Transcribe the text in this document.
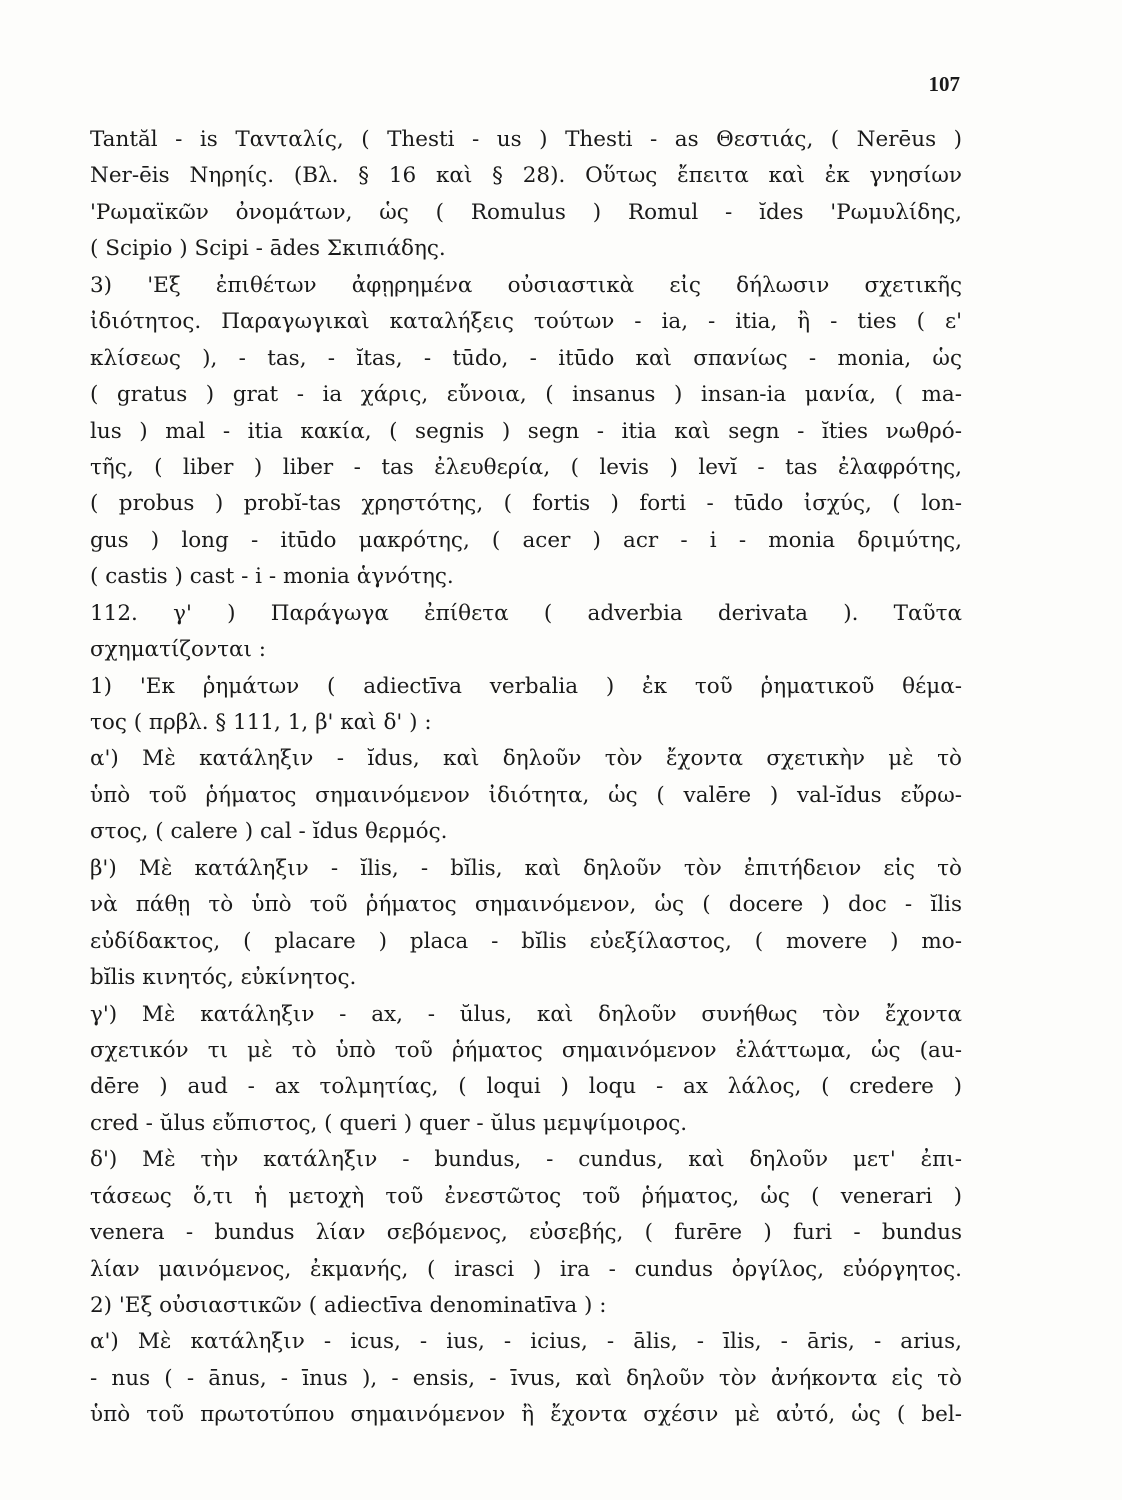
107
Tantăl - is Ταvταλίς, ( Thesti - us ) Thesti - as Θεστιάς, ( Nerēus )
Ner-ēis Νηρηίς. (Βλ. § 16 καὶ § 28). Οὕτως ἔπειτα καὶ ἐκ γνησίων
'Ρωμαϊκῶν ὀνομάτων, ὡς ( Romulus ) Romul - ĭdes 'Ρωμυλίδης,
( Scipio ) Scipi - ādes Σκιπιάδης.
3) 'Εξ ἐπιθέτων ἀφῃρημένα οὐσιαστικὰ εἰς δήλωσιν σχετικῆς
ἰδιότητος. Παραγωγικαὶ καταλήξεις τούτων - ia, - itia, ἢ - ties ( ε'
κλίσεως ), - tas, - ĭtas, - tūdo, - itūdo καὶ σπανίως - monia, ὡς
( gratus ) grat - ia χάρις, εὔνοια, ( insanus ) insan-ia μανία, ( ma-
lus ) mal - itia κακία, ( segnis ) segn - itia καὶ segn - ĭties νωθρό-
τῆς, ( liber ) liber - tas ἐλευθερία, ( levis ) levĭ - tas ἐλαφρότης,
( probus ) probĭ-tas χρηστότης, ( fortis ) forti - tūdo ἰσχύς, ( lon-
gus ) long - itūdo μακρότης, ( acer ) acr - i - monia δριμύτης,
( castis ) cast - i - monia ἁγνότης.
112. γ' ) Παράγωγα ἐπίθετα ( adverbia derivata ). Ταῦτα
σχηματίζονται :
1) 'Εκ ῥημάτων ( adiectīva verbalia ) ἐκ τοῦ ῥηματικοῦ θέμα-
τος ( πρβλ. § 111, 1, β' καὶ δ' ) :
α') Μὲ κατάληξιν - ĭdus, καὶ δηλοῦν τὸν ἔχοντα σχετικὴν μὲ τὸ
ὑπὸ τοῦ ῥήματος σημαινόμενον ἰδιότητα, ὡς ( valēre ) val-ĭdus εὔρω-
στος, ( calere ) cal - ĭdus θερμός.
β') Μὲ κατάληξιν - ĭlis, - bĭlis, καὶ δηλοῦν τὸν ἐπιτήδειον εἰς τὸ
νὰ πάθῃ τὸ ὑπὸ τοῦ ῥήματος σημαινόμενον, ὡς ( docere ) doc - ĭlis
εὐδίδακτος, ( placare ) placa - bĭlis εὐεξίλαστος, ( movere ) mo-
bĭlis κινητός, εὐκίνητος.
γ') Μὲ κατάληξιν - ax, - ŭlus, καὶ δηλοῦν συνήθως τὸν ἔχοντα
σχετικόν τι μὲ τὸ ὑπὸ τοῦ ῥήματος σημαινόμενον ἐλάττωμα, ὡς (au-
dēre ) aud - ax τολμητίας, ( loqui ) loqu - ax λάλος, ( credere )
cred - ŭlus εὔπιστος, ( queri ) quer - ŭlus μεμψίμοιρος.
δ') Μὲ τὴν κατάληξιν - bundus, - cundus, καὶ δηλοῦν μετ' ἐπι-
τάσεως ὅ,τι ἡ μετοχὴ τοῦ ἐνεστῶτος τοῦ ῥήματος, ὡς ( venerari )
venera - bundus λίαν σεβόμενος, εὐσεβής, ( furēre ) furi - bundus
λίαν μαινόμενος, ἐκμανής, ( irasci ) ira - cundus ὀργίλος, εὐόργητος.
2) 'Εξ οὐσιαστικῶν ( adiectīva denominatīva ) :
α') Μὲ κατάληξιν - icus, - ius, - icius, - ālis, - īlis, - āris, - arius,
- nus ( - ānus, - īnus ), - ensis, - īvus, καὶ δηλοῦν τὸν ἀνήκοντα εἰς τὸ
ὑπὸ τοῦ πρωτοτύπου σημαινόμενον ἢ ἔχοντα σχέσιν μὲ αὐτό, ὡς ( bel-
